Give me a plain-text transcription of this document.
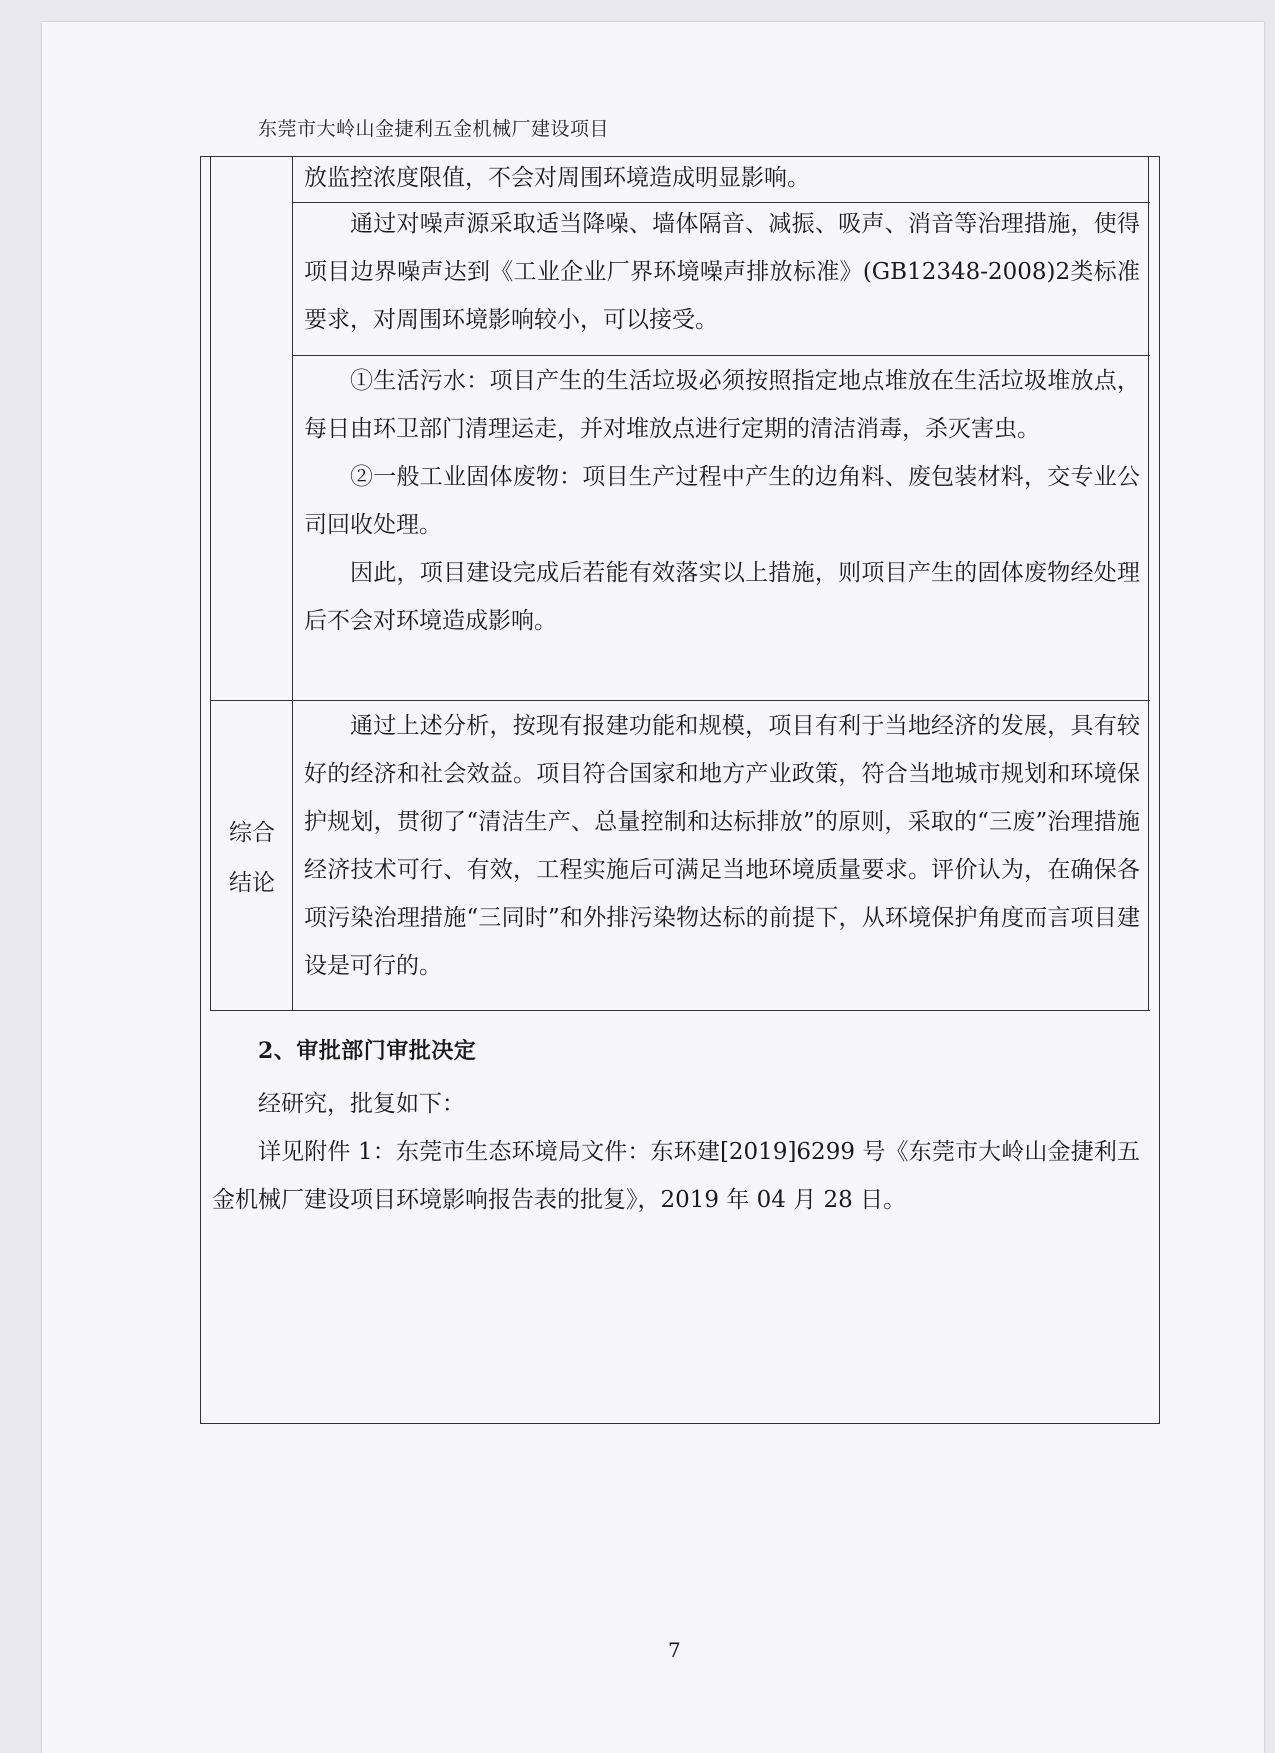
东莞市大岭山金捷利五金机械厂建设项目

放监控浓度限值，不会对周围环境造成明显影响。

通过对噪声源采取适当降噪、墙体隔音、减振、吸声、消音等治理措施，使得项目边界噪声达到《工业企业厂界环境噪声排放标准》(GB12348-2008)2类标准要求，对周围环境影响较小，可以接受。

①生活污水：项目产生的生活垃圾必须按照指定地点堆放在生活垃圾堆放点，每日由环卫部门清理运走，并对堆放点进行定期的清洁消毒，杀灭害虫。

②一般工业固体废物：项目生产过程中产生的边角料、废包装材料，交专业公司回收处理。

因此，项目建设完成后若能有效落实以上措施，则项目产生的固体废物经处理后不会对环境造成影响。

综合
结论

通过上述分析，按现有报建功能和规模，项目有利于当地经济的发展，具有较好的经济和社会效益。项目符合国家和地方产业政策，符合当地城市规划和环境保护规划，贯彻了“清洁生产、总量控制和达标排放”的原则，采取的“三废”治理措施经济技术可行、有效，工程实施后可满足当地环境质量要求。评价认为，在确保各项污染治理措施“三同时”和外排污染物达标的前提下，从环境保护角度而言项目建设是可行的。

2、审批部门审批决定
经研究，批复如下：
详见附件 1：东莞市生态环境局文件：东环建[2019]6299 号《东莞市大岭山金捷利五金机械厂建设项目环境影响报告表的批复》，2019 年 04 月 28 日。
7
